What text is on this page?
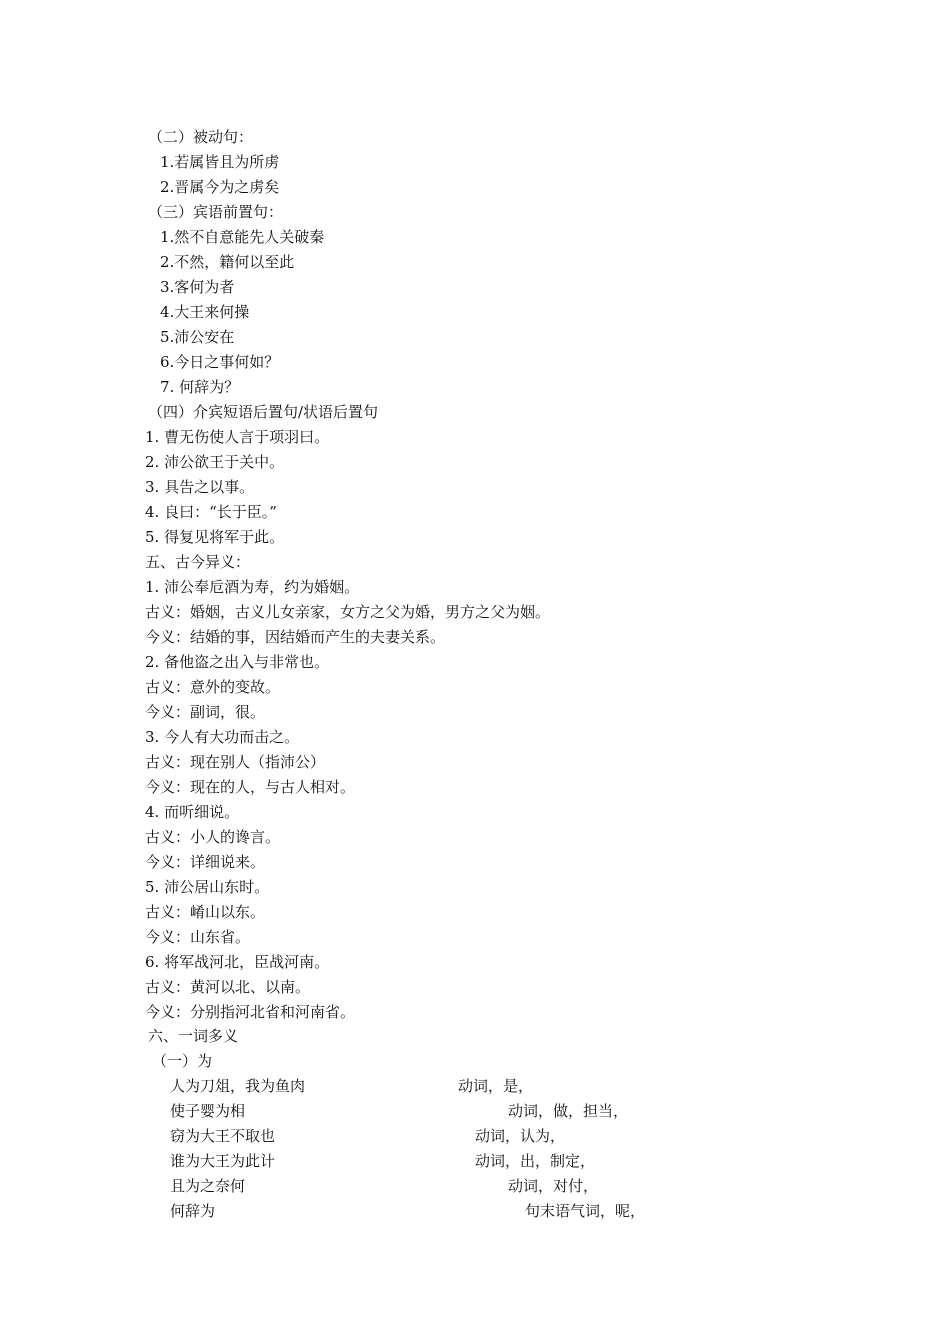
（二）被动句：
1.若属皆且为所虏
2.晋属今为之虏矣
（三）宾语前置句：
1.然不自意能先人关破秦
2.不然，籍何以至此
3.客何为者
4.大王来何操
5.沛公安在
6.今日之事何如？
7. 何辞为？
（四）介宾短语后置句/状语后置句
1. 曹无伤使人言于项羽曰。
2. 沛公欲王于关中。
3. 具告之以事。
4. 良曰：“长于臣。”
5. 得复见将军于此。
五、古今异义：
1. 沛公奉卮酒为寿，约为婚姻。
古义：婚姻，古义儿女亲家，女方之父为婚，男方之父为姻。
今义：结婚的事，因结婚而产生的夫妻关系。
2. 备他盗之出入与非常也。
古义：意外的变故。
今义：副词，很。
3. 今人有大功而击之。
古义：现在别人（指沛公）
今义：现在的人，与古人相对。
4. 而听细说。
古义：小人的谗言。
今义：详细说来。
5. 沛公居山东时。
古义：崤山以东。
今义：山东省。
6. 将军战河北，臣战河南。
古义：黄河以北、以南。
今义：分别指河北省和河南省。
六、一词多义
（一）为
人为刀俎，我为鱼肉	动词，是，
使子婴为相	动词，做，担当，
窃为大王不取也	动词，认为，
谁为大王为此计	动词，出，制定，
且为之奈何	动词，对付，
何辞为	句末语气词，呢，
